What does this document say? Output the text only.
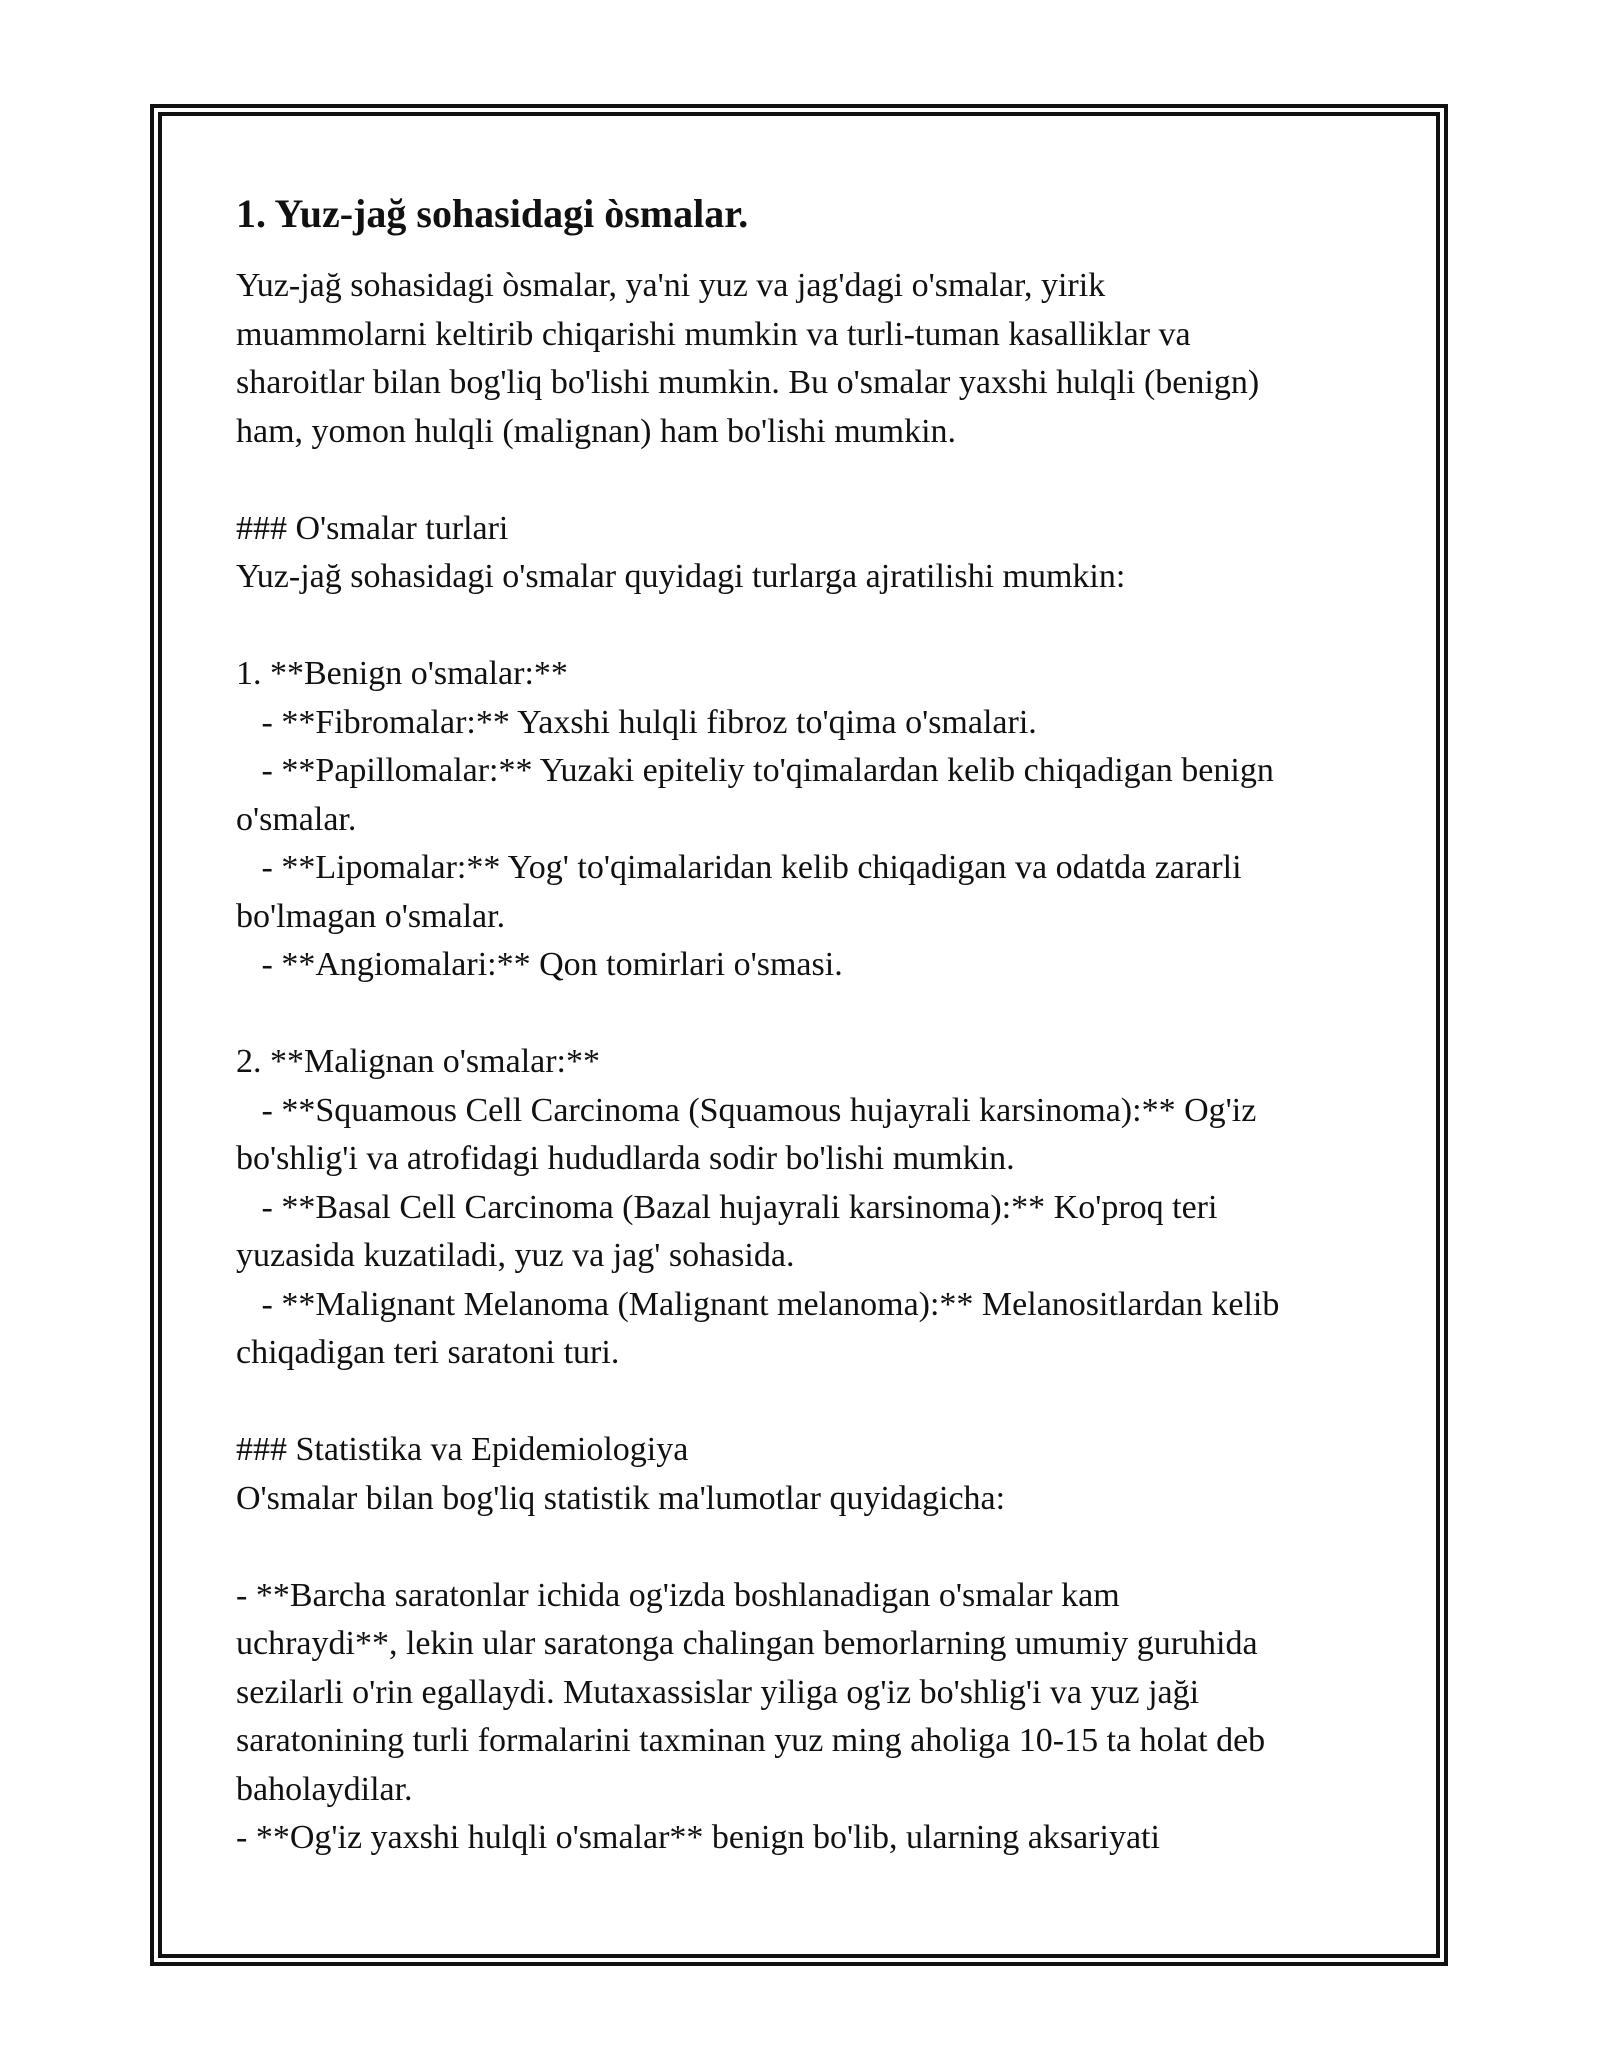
1. Yuz-jağ sohasidagi òsmalar.
Yuz-jağ sohasidagi òsmalar, ya'ni yuz va jag'dagi o'smalar, yirik
muammolarni keltirib chiqarishi mumkin va turli-tuman kasalliklar va
sharoitlar bilan bog'liq bo'lishi mumkin. Bu o'smalar yaxshi hulqli (benign)
ham, yomon hulqli (malignan) ham bo'lishi mumkin.
### O'smalar turlari
Yuz-jağ sohasidagi o'smalar quyidagi turlarga ajratilishi mumkin:
1. **Benign o'smalar:**
- **Fibromalar:** Yaxshi hulqli fibroz to'qima o'smalari.
- **Papillomalar:** Yuzaki epiteliy to'qimalardan kelib chiqadigan benign
o'smalar.
- **Lipomalar:** Yog' to'qimalaridan kelib chiqadigan va odatda zararli
bo'lmagan o'smalar.
- **Angiomalari:** Qon tomirlari o'smasi.
2. **Malignan o'smalar:**
- **Squamous Cell Carcinoma (Squamous hujayrali karsinoma):** Og'iz
bo'shlig'i va atrofidagi hududlarda sodir bo'lishi mumkin.
- **Basal Cell Carcinoma (Bazal hujayrali karsinoma):** Ko'proq teri
yuzasida kuzatiladi, yuz va jag' sohasida.
- **Malignant Melanoma (Malignant melanoma):** Melanositlardan kelib
chiqadigan teri saratoni turi.
### Statistika va Epidemiologiya
O'smalar bilan bog'liq statistik ma'lumotlar quyidagicha:
- **Barcha saratonlar ichida og'izda boshlanadigan o'smalar kam
uchraydi**, lekin ular saratonga chalingan bemorlarning umumiy guruhida
sezilarli o'rin egallaydi. Mutaxassislar yiliga og'iz bo'shlig'i va yuz jaği
saratonining turli formalarini taxminan yuz ming aholiga 10-15 ta holat deb
baholaydilar.
- **Og'iz yaxshi hulqli o'smalar** benign bo'lib, ularning aksariyati
